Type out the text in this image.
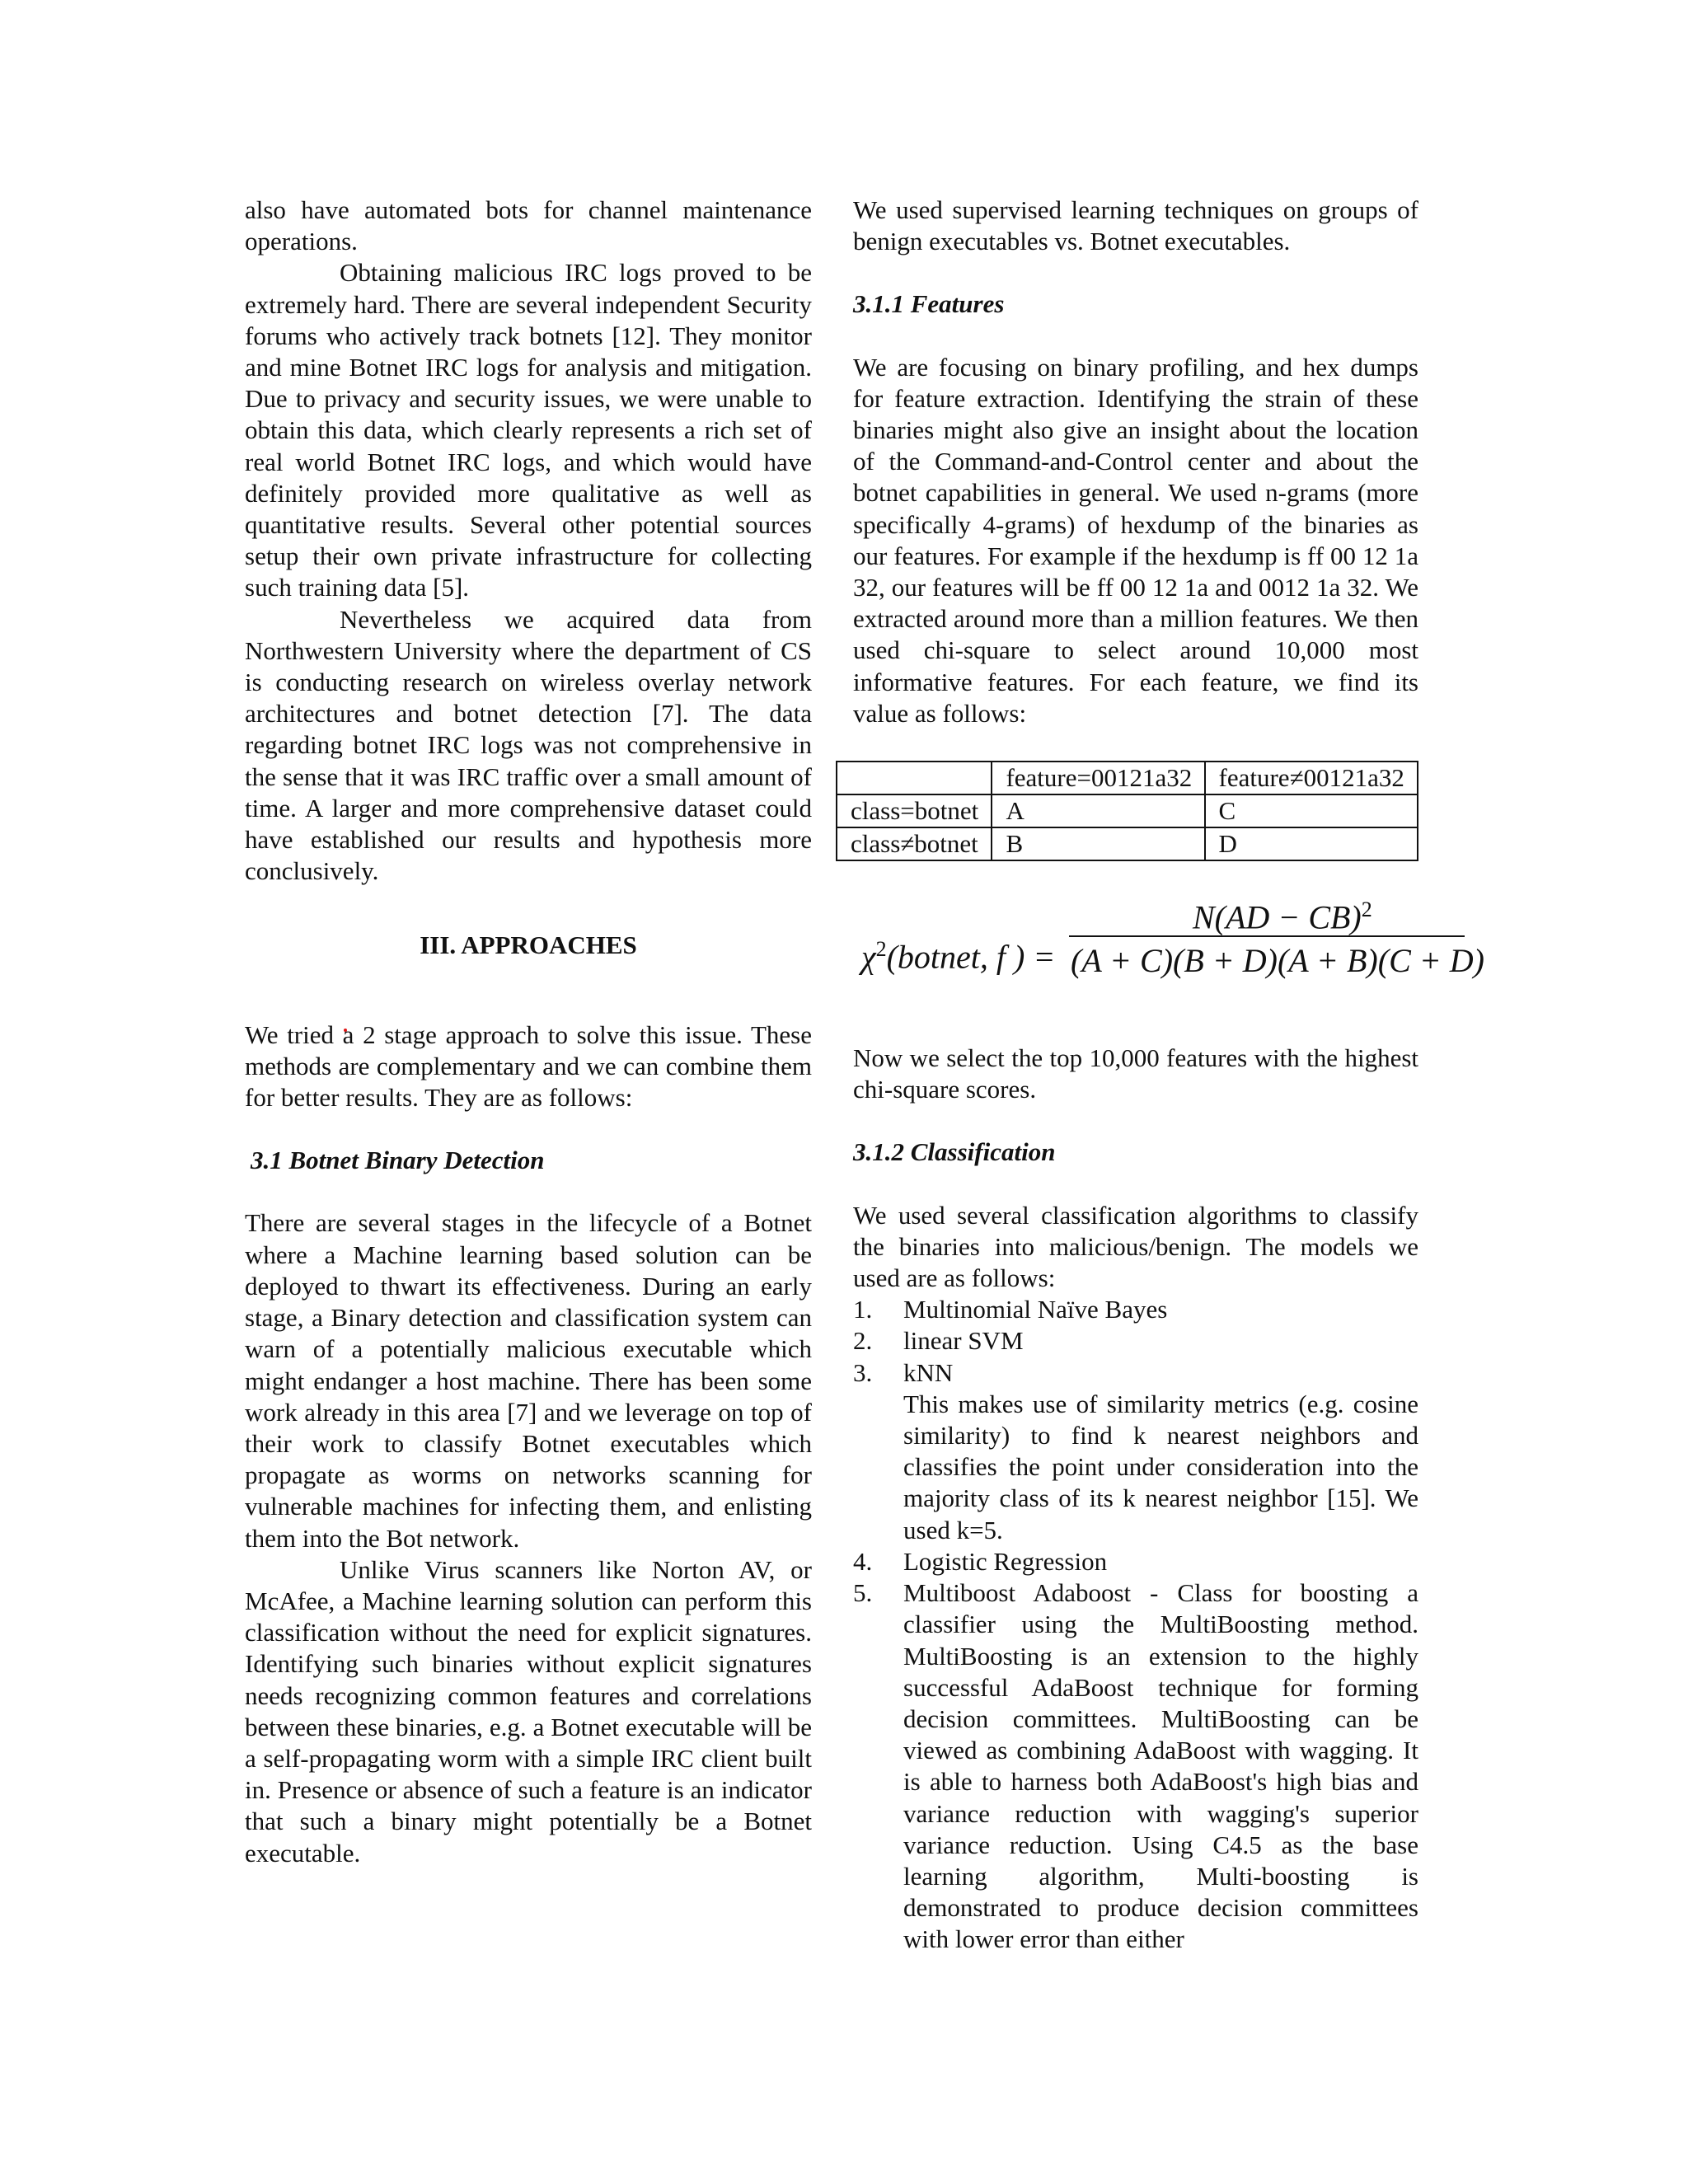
also have automated bots for channel maintenance operations.

Obtaining malicious IRC logs proved to be extremely hard. There are several independent Security forums who actively track botnets [12]. They monitor and mine Botnet IRC logs for analysis and mitigation. Due to privacy and security issues, we were unable to obtain this data, which clearly represents a rich set of real world Botnet IRC logs, and which would have definitely provided more qualitative as well as quantitative results. Several other potential sources setup their own private infrastructure for collecting such training data [5].

Nevertheless we acquired data from Northwestern University where the department of CS is conducting research on wireless overlay network architectures and botnet detection [7]. The data regarding botnet IRC logs was not comprehensive in the sense that it was IRC traffic over a small amount of time. A larger and more comprehensive dataset could have established our results and hypothesis more conclusively.

III. APPROACHES

We tried a 2 stage approach to solve this issue. These methods are complementary and we can combine them for better results. They are as follows:

3.1 Botnet Binary Detection

There are several stages in the lifecycle of a Botnet where a Machine learning based solution can be deployed to thwart its effectiveness. During an early stage, a Binary detection and classification system can warn of a potentially malicious executable which might endanger a host machine. There has been some work already in this area [7] and we leverage on top of their work to classify Botnet executables which propagate as worms on networks scanning for vulnerable machines for infecting them, and enlisting them into the Bot network.

Unlike Virus scanners like Norton AV, or McAfee, a Machine learning solution can perform this classification without the need for explicit signatures. Identifying such binaries without explicit signatures needs recognizing common features and correlations between these binaries, e.g. a Botnet executable will be a self-propagating worm with a simple IRC client built in. Presence or absence of such a feature is an indicator that such a binary might potentially be a Botnet executable.

We used supervised learning techniques on groups of benign executables vs. Botnet executables.

3.1.1 Features

We are focusing on binary profiling, and hex dumps for feature extraction. Identifying the strain of these binaries might also give an insight about the location of the Command-and-Control center and about the botnet capabilities in general. We used n-grams (more specifically 4-grams) of hexdump of the binaries as our features. For example if the hexdump is ff 00 12 1a 32, our features will be ff 00 12 1a and 0012 1a 32. We extracted around more than a million features. We then used chi-square to select around 10,000 most informative features. For each feature, we find its value as follows:

	feature=00121a32	feature≠00121a32
class=botnet	A	C
class≠botnet	B	D
$\chi^2(botnet$, f ) =
N(AD − CB)$^2$
(A + C)(B + D)(A + B)(C + D)

Now we select the top 10,000 features with the highest chi-square scores.

3.1.2 Classification

We used several classification algorithms to classify the binaries into malicious/benign. The models we used are as follows:

1. Multinomial Naïve Bayes
2. linear SVM
3. kNN
This makes use of similarity metrics (e.g. cosine similarity) to find k nearest neighbors and classifies the point under consideration into the majority class of its k nearest neighbor [15]. We used k=5.
4. Logistic Regression
5. Multiboost Adaboost - Class for boosting a classifier using the MultiBoosting method. MultiBoosting is an extension to the highly successful AdaBoost technique for forming decision committees. MultiBoosting can be viewed as combining AdaBoost with wagging. It is able to harness both AdaBoost's high bias and variance reduction with wagging's superior variance reduction. Using C4.5 as the base learning algorithm, Multi-boosting is demonstrated to produce decision committees with lower error than either
